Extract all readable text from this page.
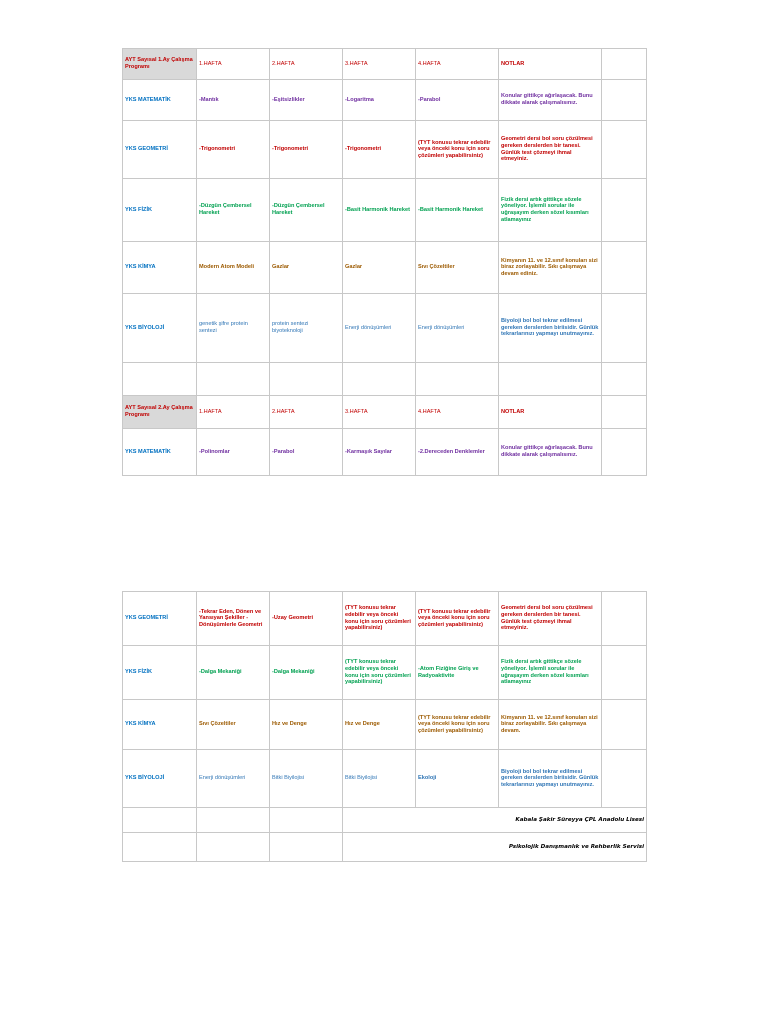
AYT Sayısal 1.Ay Çalışma Programı	1.HAFTA	2.HAFTA	3.HAFTA	4.HAFTA	NOTLAR	
YKS MATEMATİK	-Mantık	-Eşitsizlikler	-Logaritma	-Parabol	Konular gittikçe ağırlaşacak. Bunu dikkate alarak çalışmalısınız.	
YKS GEOMETRİ	-Trigonometri	-Trigonometri	-Trigonometri	(TYT konusu tekrar edebilir veya önceki konu için soru çözümleri yapabilirsiniz)	Geometri dersi bol soru çözülmesi gereken derslerden bir tanesi. Günlük test çözmeyi ihmal etmeyiniz.	
YKS FİZİK	-Düzgün Çembersel Hareket	-Düzgün Çembersel Hareket	-Basit Harmonik Hareket	-Basit Harmonik Hareket	Fizik dersi artık gittikçe sözele yöneliyor. İşlemli sorular ile uğraşayım derken sözel kısımları atlamayınız	
YKS KİMYA	Modern Atom Modeli	Gazlar	Gazlar	Sıvı Çözeltiler	Kimyanın 11. ve 12.sınıf konuları sizi biraz zorlayabilir. Sıkı çalışmaya devam ediniz.	
YKS BİYOLOJİ	genetik şifre protein sentezi	protein sentezi biyoteknoloji	Enerji dönüşümleri	Enerji dönüşümleri	Biyoloji bol bol tekrar edilmesi gereken derslerden biriisidir. Günlük tekrarlarınızı yapmayı unutmayınız.	

AYT Sayısal 2.Ay Çalışma Programı	1.HAFTA	2.HAFTA	3.HAFTA	4.HAFTA	NOTLAR	
YKS MATEMATİK	-Polinomlar	-Parabol	-Karmaşık Sayılar	-2.Dereceden Denklemler	Konular gittikçe ağırlaşacak. Bunu dikkate alarak çalışmalısınız.	
YKS GEOMETRİ	-Tekrar Eden, Dönen ve Yansıyan Şekiller -Dönüşümlerle Geometri	-Uzay Geometri	(TYT konusu tekrar edebilir veya önceki konu için soru çözümleri yapabilirsiniz)	(TYT konusu tekrar edebilir veya önceki konu için soru çözümleri yapabilirsiniz)	Geometri dersi bol soru çözülmesi gereken derslerden bir tanesi. Günlük test çözmeyi ihmal etmeyiniz.	
YKS FİZİK	-Dalga Mekaniği	-Dalga Mekaniği	(TYT konusu tekrar edebilir veya önceki konu için soru çözümleri yapabilirsiniz)	-Atom Fiziğine Giriş ve Radyoaktivite	Fizik dersi artık gittikçe sözele yöneliyor. İşlemli sorular ile uğraşayım derken sözel kısımları atlamayınız	
YKS KİMYA	Sıvı Çözeltiler	Hız ve Denge	Hız ve Denge	(TYT konusu tekrar edebilir veya önceki konu için soru çözümleri yapabilirsiniz)	Kimyanın 11. ve 12.sınıf konuları sizi biraz zorlayabilir. Sıkı çalışmaya devam.	
YKS BİYOLOJİ	Enerji dönüşümleri	Bitki Biyilojisi	Bitki Biyilojisi	Ekoloji	Biyoloji bol bol tekrar edilmesi gereken derslerden biriisidir. Günlük tekrarlarınızı yapmayı unutmayınız.	
			Kabala Şakir Süreyya ÇPL Anadolu Lisesi			
			Psikolojik Danışmanlık ve Rehberlik Servisi			
